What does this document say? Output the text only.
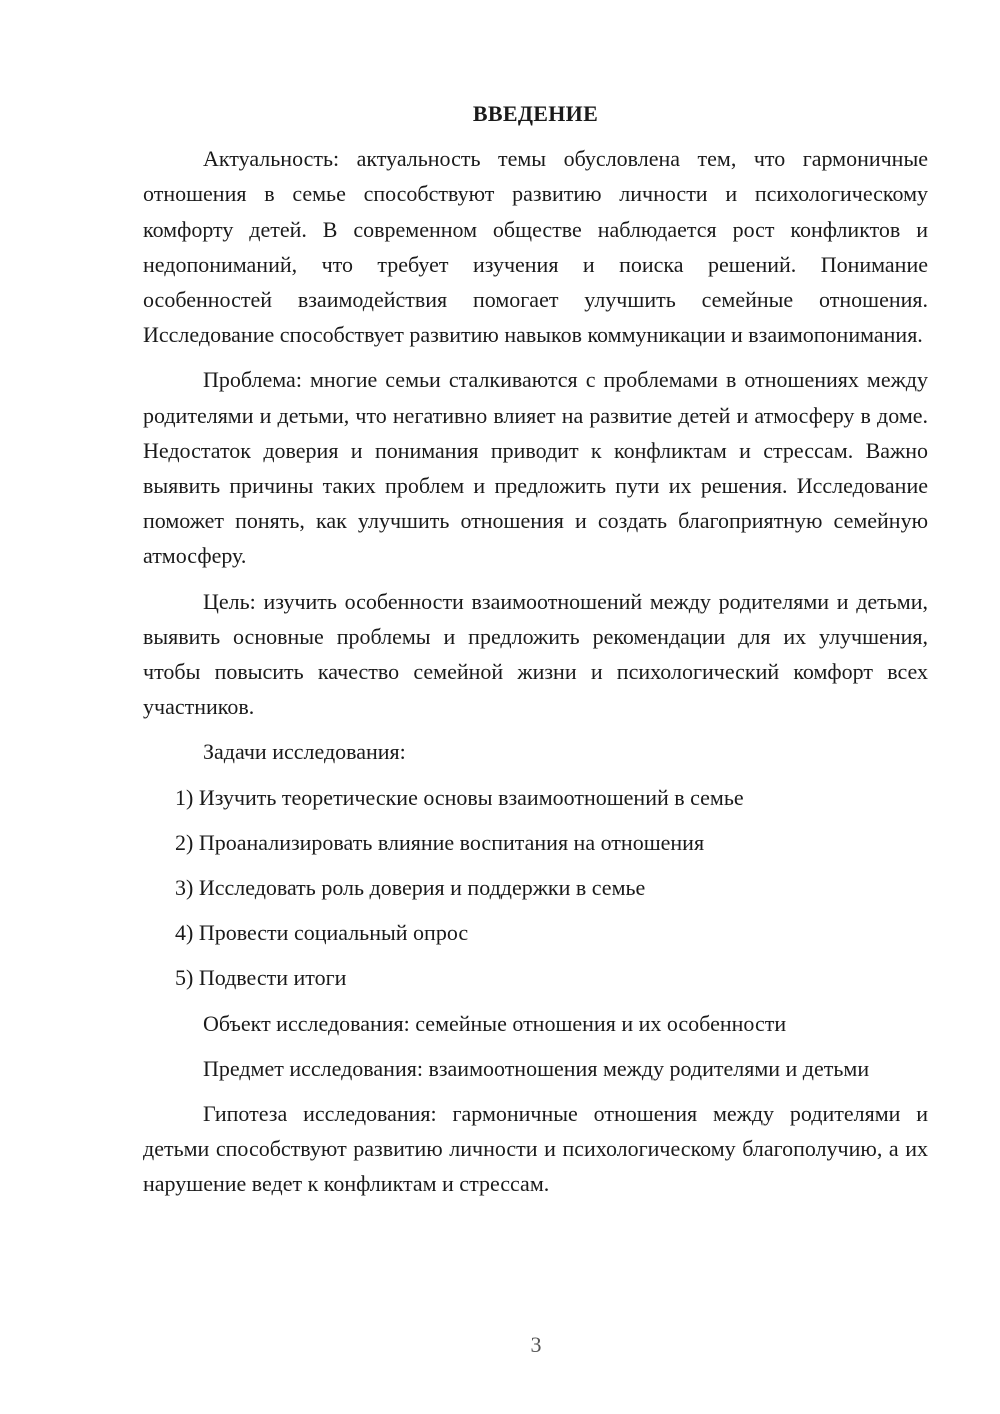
ВВЕДЕНИЕ

Актуальность: актуальность темы обусловлена тем, что гармоничные отношения в семье способствуют развитию личности и психологическому комфорту детей. В современном обществе наблюдается рост конфликтов и недопониманий, что требует изучения и поиска решений. Понимание особенностей взаимодействия помогает улучшить семейные отношения. Исследование способствует развитию навыков коммуникации и взаимопонимания.

Проблема: многие семьи сталкиваются с проблемами в отношениях между родителями и детьми, что негативно влияет на развитие детей и атмосферу в доме. Недостаток доверия и понимания приводит к конфликтам и стрессам. Важно выявить причины таких проблем и предложить пути их решения. Исследование поможет понять, как улучшить отношения и создать благоприятную семейную атмосферу.

Цель: изучить особенности взаимоотношений между родителями и детьми, выявить основные проблемы и предложить рекомендации для их улучшения, чтобы повысить качество семейной жизни и психологический комфорт всех участников.

Задачи исследования:

1) Изучить теоретические основы взаимоотношений в семье
2) Проанализировать влияние воспитания на отношения
3) Исследовать роль доверия и поддержки в семье
4) Провести социальный опрос
5) Подвести итоги

Объект исследования: семейные отношения и их особенности

Предмет исследования: взаимоотношения между родителями и детьми

Гипотеза исследования: гармоничные отношения между родителями и детьми способствуют развитию личности и психологическому благополучию, а их нарушение ведет к конфликтам и стрессам.

3
